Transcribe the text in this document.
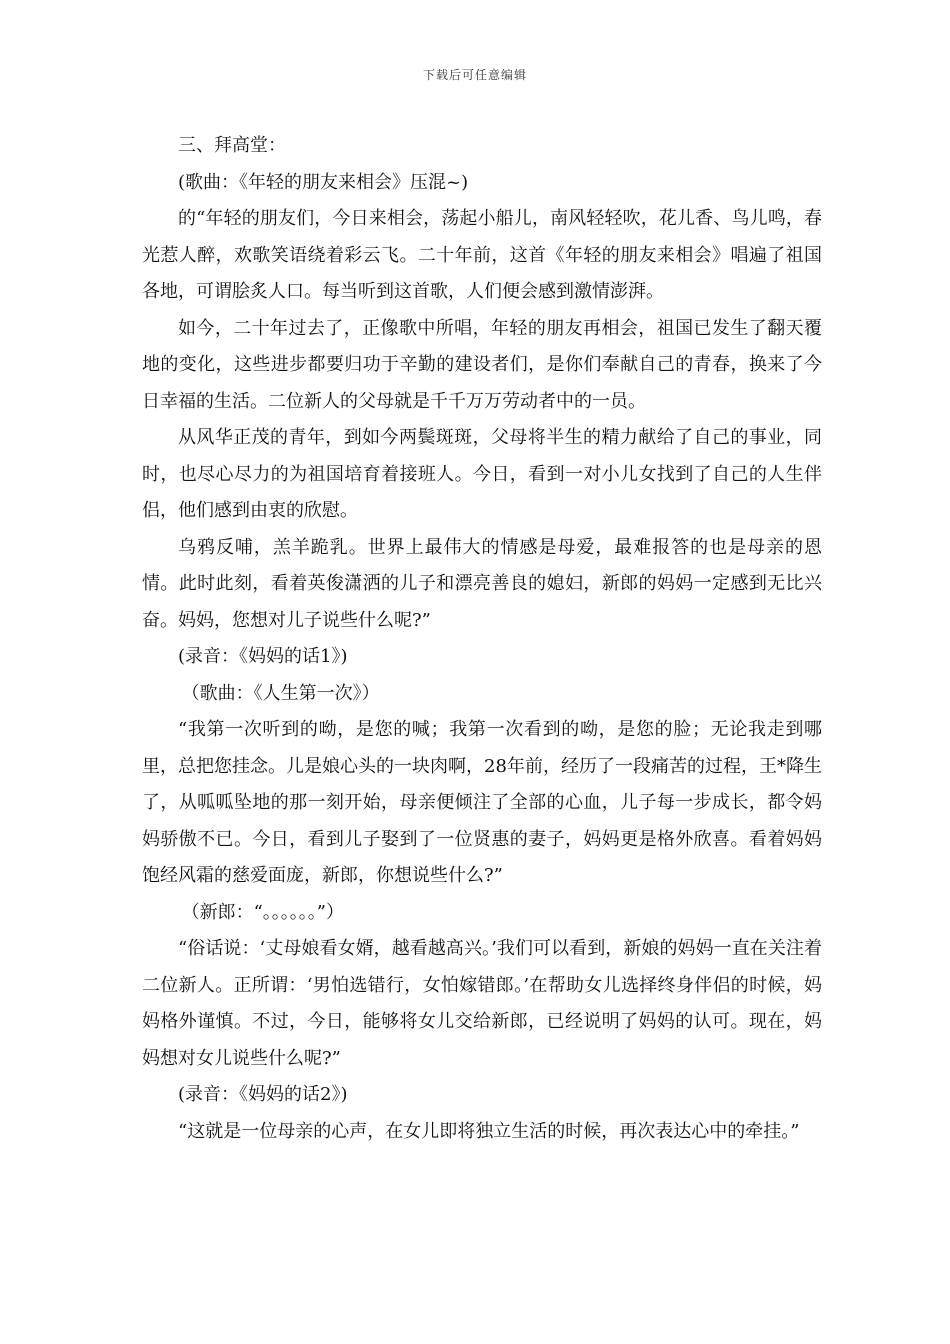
下载后可任意编辑

三、拜高堂：

(歌曲：《年轻的朋友来相会》压混~)

的“年轻的朋友们，今日来相会，荡起小船儿，南风轻轻吹，花儿香、鸟儿鸣，春光惹人醉，欢歌笑语绕着彩云飞。二十年前，这首《年轻的朋友来相会》唱遍了祖国各地，可谓脍炙人口。每当听到这首歌，人们便会感到激情澎湃。

如今，二十年过去了，正像歌中所唱，年轻的朋友再相会，祖国已发生了翻天覆地的变化，这些进步都要归功于辛勤的建设者们，是你们奉献自己的青春，换来了今日幸福的生活。二位新人的父母就是千千万万劳动者中的一员。

从风华正茂的青年，到如今两鬓斑斑，父母将半生的精力献给了自己的事业，同时，也尽心尽力的为祖国培育着接班人。今日，看到一对小儿女找到了自己的人生伴侣，他们感到由衷的欣慰。

乌鸦反哺，羔羊跪乳。世界上最伟大的情感是母爱，最难报答的也是母亲的恩情。此时此刻，看着英俊潇洒的儿子和漂亮善良的媳妇，新郎的妈妈一定感到无比兴奋。妈妈，您想对儿子说些什么呢?”

(录音：《妈妈的话1》)

（歌曲：《人生第一次》）

“我第一次听到的呦，是您的喊；我第一次看到的呦，是您的脸；无论我走到哪里，总把您挂念。儿是娘心头的一块肉啊，28年前，经历了一段痛苦的过程，王*降生了，从呱呱坠地的那一刻开始，母亲便倾注了全部的心血，儿子每一步成长，都令妈妈骄傲不已。今日，看到儿子娶到了一位贤惠的妻子，妈妈更是格外欣喜。看着妈妈饱经风霜的慈爱面庞，新郎，你想说些什么?”

（新郎：“。。。。。。”）

“俗话说：‘丈母娘看女婿，越看越高兴。’我们可以看到，新娘的妈妈一直在关注着二位新人。正所谓：‘男怕选错行，女怕嫁错郎。’在帮助女儿选择终身伴侣的时候，妈妈格外谨慎。不过，今日，能够将女儿交给新郎，已经说明了妈妈的认可。现在，妈妈想对女儿说些什么呢?”

(录音：《妈妈的话2》)

“这就是一位母亲的心声，在女儿即将独立生活的时候，再次表达心中的牵挂。”
